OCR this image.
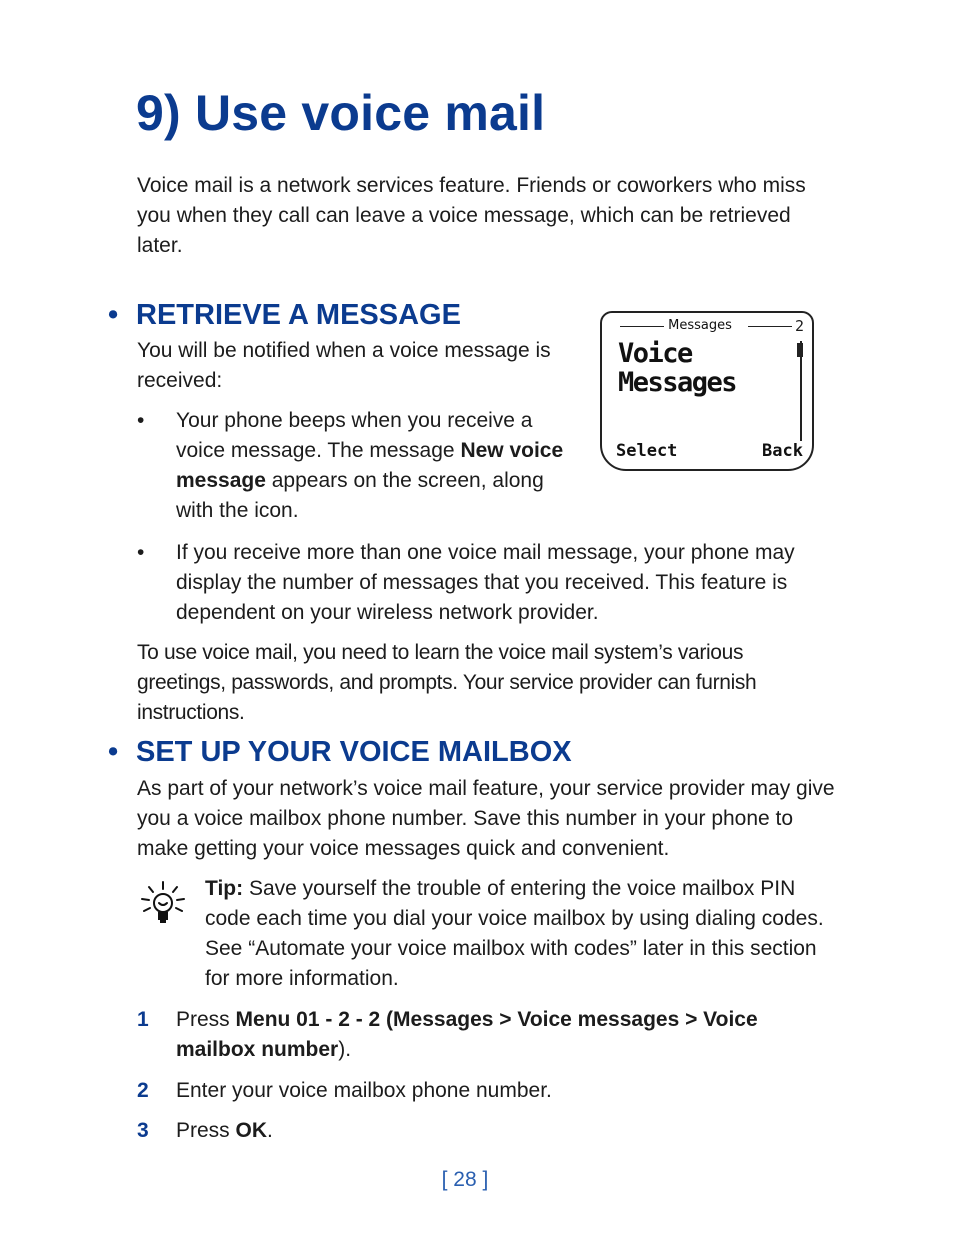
9) Use voice mail

Voice mail is a network services feature. Friends or coworkers who miss you when they call can leave a voice message, which can be retrieved later.

• RETRIEVE A MESSAGE

You will be notified when a voice message is received:

• Your phone beeps when you receive a voice message. The message New voice message appears on the screen, along with the icon.

Messages	2
Voice
Messages
Select	Back
• If you receive more than one voice mail message, your phone may display the number of messages that you received. This feature is dependent on your wireless network provider.

To use voice mail, you need to learn the voice mail system’s various greetings, passwords, and prompts. Your service provider can furnish instructions.

• SET UP YOUR VOICE MAILBOX

As part of your network’s voice mail feature, your service provider may give you a voice mailbox phone number. Save this number in your phone to make getting your voice messages quick and convenient.

Tip: Save yourself the trouble of entering the voice mailbox PIN code each time you dial your voice mailbox by using dialing codes. See “Automate your voice mailbox with codes” later in this section for more information.

1 Press Menu 01 - 2 - 2 (Messages > Voice messages > Voice mailbox number).

2 Enter your voice mailbox phone number.

3 Press OK.

[ 28 ]
